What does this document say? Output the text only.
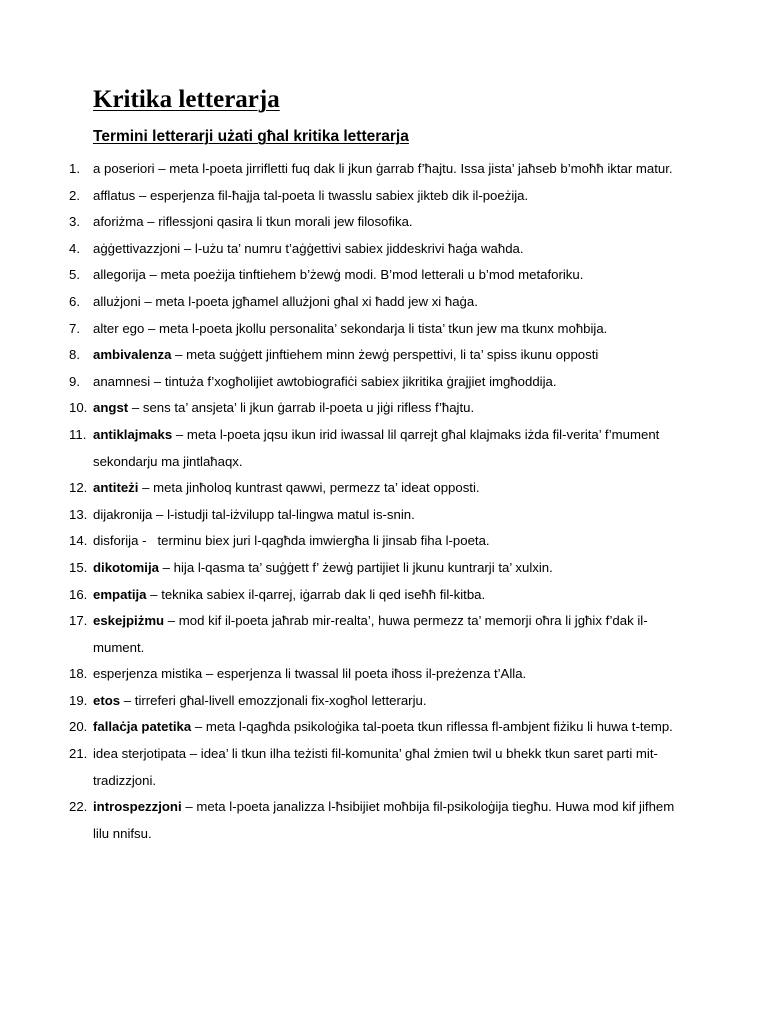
Kritika letterarja
Termini letterarji użati għal kritika letterarja
1. a poseriori – meta l-poeta jirrifletti fuq dak li jkun ġarrab f’ħajtu. Issa jista’ jaħseb b’moħħ iktar matur.
2. afflatus – esperjenza fil-ħajja tal-poeta li twasslu sabiex jikteb dik il-poeżija.
3. aforiżma – riflessjoni qasira li tkun morali jew filosofika.
4. aġġettivazzjoni – l-użu ta’ numru t’aġġettivi sabiex jiddeskrivi ħaġa waħda.
5. allegorija – meta poeżija tinftiehem b’żewġ modi. B’mod letterali u b’mod metaforiku.
6. allużjoni – meta l-poeta jgħamel allużjoni għal xi ħadd jew xi ħaġa.
7. alter ego – meta l-poeta jkollu personalita’ sekondarja li tista’ tkun jew ma tkunx moħbija.
8. ambivalenza – meta suġġett jinftiehem minn żewġ perspettivi, li ta’ spiss ikunu opposti
9. anamnesi – tintuża f’xogħolijiet awtobiografiċi sabiex jikritika ġrajjiet imgħoddija.
10. angst – sens ta’ ansjeta’ li jkun ġarrab il-poeta u jiġi rifless f’ħajtu.
11. antiklajmaks – meta l-poeta jqsu ikun irid iwassal lil qarrejt għal klajmaks iżda fil-verita’ f’mument sekondarju ma jintlaħaqx.
12. antiteżi – meta jinħoloq kuntrast qawwi, permezz ta’ ideat opposti.
13. dijakronija – l-istudji tal-iżvilupp tal-lingwa matul is-snin.
14. disforija -   terminu biex juri l-qagħda imwiergħa li jinsab fiha l-poeta.
15. dikotomija – hija l-qasma ta’ suġġett f’ żewġ partijiet li jkunu kuntrarji ta’ xulxin.
16. empatija – teknika sabiex il-qarrej, iġarrab dak li qed iseħħ fil-kitba.
17. eskejpiżmu – mod kif il-poeta jaħrab mir-realta’, huwa permezz ta’ memorji oħra li jgħix f’dak il-mument.
18. esperjenza mistika – esperjenza li twassal lil poeta iħoss il-preżenza t’Alla.
19. etos – tirreferi għal-livell emozzjonali fix-xogħol letterarju.
20. fallaċja patetika – meta l-qagħda psikoloġika tal-poeta tkun riflessa fl-ambjent fiżiku li huwa t-temp.
21. idea sterjotipata – idea’ li tkun ilha teżisti fil-komunita’ għal żmien twil u bhekk tkun saret parti mit-tradizzjoni.
22. introspezzjoni – meta l-poeta janalizza l-ħsibijiet moħbija fil-psikoloġija tiegħu. Huwa mod kif jifhem lilu nnifsu.
